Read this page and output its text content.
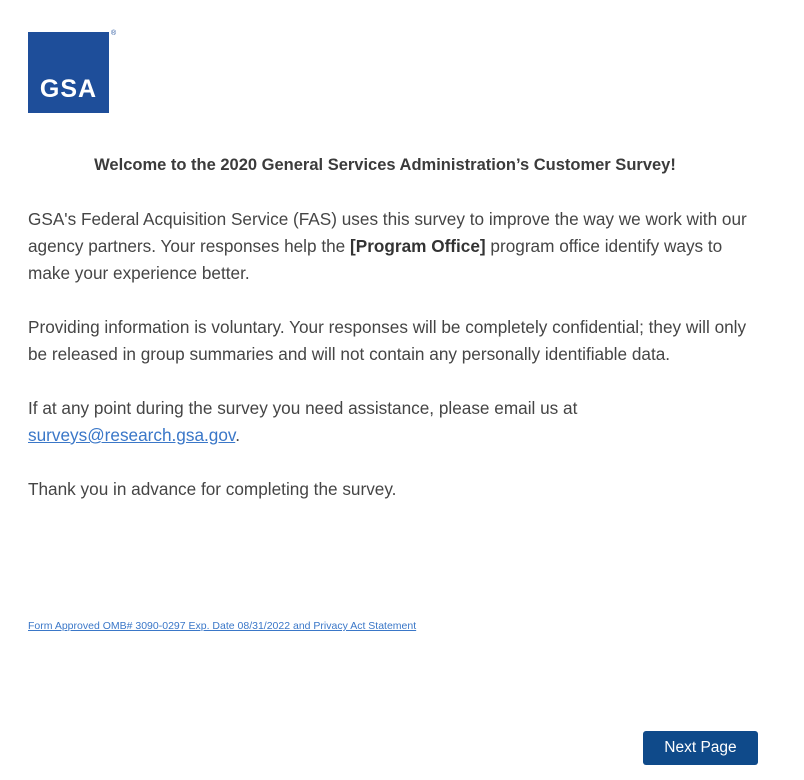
GSA
®
Welcome to the 2020 General Services Administration’s Customer Survey!

GSA's Federal Acquisition Service (FAS) uses this survey to improve the way we work with our agency partners. Your responses help the [Program Office] program office identify ways to make your experience better.

Providing information is voluntary. Your responses will be completely confidential; they will only be released in group summaries and will not contain any personally identifiable data.

If at any point during the survey you need assistance, please email us at surveys@research.gsa.gov.

Thank you in advance for completing the survey.

Form Approved OMB# 3090-0297 Exp. Date 08/31/2022 and Privacy Act Statement
Next Page
